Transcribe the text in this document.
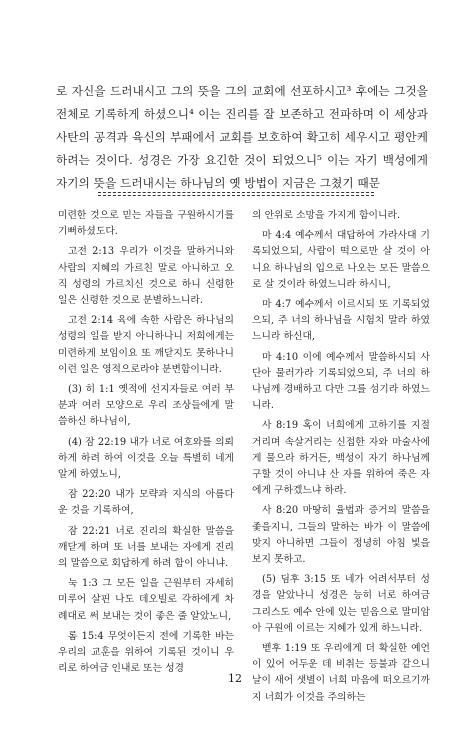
로 자신을 드러내시고 그의 뜻을 그의 교회에 선포하시고³ 후에는 그것을 전체로 기록하게 하셨으니⁴ 이는 진리를 잘 보존하고 전파하며 이 세상과 사탄의 공격과 육신의 부패에서 교회를 보호하여 확고히 세우시고 평안케 하려는 것이다. 성경은 가장 요긴한 것이 되었으니⁵ 이는 자기 백성에게 자기의 뜻을 드러내시는 하나님의 옛 방법이 지금은 그쳤기 때문

미련한 것으로 믿는 자들을 구원하시기를 기뻐하셨도다.

고전 2:13 우리가 이것을 말하거니와 사람의 지혜의 가르친 말로 아니하고 오직 성령의 가르치신 것으로 하니 신령한 일은 신령한 것으로 분별하느니라.

고전 2:14 육에 속한 사람은 하나님의 성령의 일을 받지 아니하나니 저희에게는 미련하게 보임이요 또 깨닫지도 못하나니 이런 일은 영적으로라야 분변함이니라.

(3) 히 1:1 옛적에 선지자들로 여러 부분과 여러 모양으로 우리 조상들에게 말씀하신 하나님이,

(4) 잠 22:19 내가 너로 여호와를 의뢰하게 하려 하여 이것을 오늘 특별히 네게 알게 하였노니,

잠 22:20 내가 모략과 지식의 아름다운 것을 기록하여,

잠 22:21 너로 진리의 확실한 말씀을 깨닫게 하며 또 너를 보내는 자에게 진리의 말씀으로 회답하게 하려 함이 아니냐.

눅 1:3 그 모든 일을 근원부터 자세히 미루어 살핀 나도 데오빌로 각하에게 차례대로 써 보내는 것이 좋은 줄 알았노니,

롬 15:4 무엇이든지 전에 기록한 바는 우리의 교훈을 위하여 기록된 것이니 우리로 하여금 인내로 또는 성경

의 안위로 소망을 가지게 함이니라.

마 4:4 예수께서 대답하여 가라사대 기록되었으되, 사람이 떡으로만 살 것이 아니요 하나님의 입으로 나오는 모든 말씀으로 살 것이라 하였느니라 하시니,

마 4:7 예수께서 이르시되 또 기록되었으되, 주 너의 하나님을 시험치 말라 하였느니라 하신대,

마 4:10 이에 예수께서 말씀하시되 사단아 물러가라 기록되었으되, 주 너의 하나님께 경배하고 다만 그를 섬기라 하였느니라.

사 8:19 혹이 너희에게 고하기를 지절거리며 속살거리는 신접한 자와 마술사에게 물으라 하거든, 백성이 자기 하나님께 구할 것이 아니냐 산 자를 위하여 죽은 자에게 구하겠느냐 하라.

사 8:20 마땅히 율법과 증거의 말씀을 좇을지니, 그들의 말하는 바가 이 말씀에 맞지 아니하면 그들이 정녕히 아침 빛을 보지 못하고.

(5) 딤후 3:15 또 네가 어려서부터 성경을 알았나니 성경은 능히 너로 하여금 그리스도 예수 안에 있는 믿음으로 말미암아 구원에 이르는 지혜가 있게 하느니라.

벧후 1:19 또 우리에게 더 확실한 예언이 있어 어두운 데 비취는 등불과 같으니 날이 새어 샛별이 너희 마음에 떠오르기까지 너희가 이것을 주의하는

12
